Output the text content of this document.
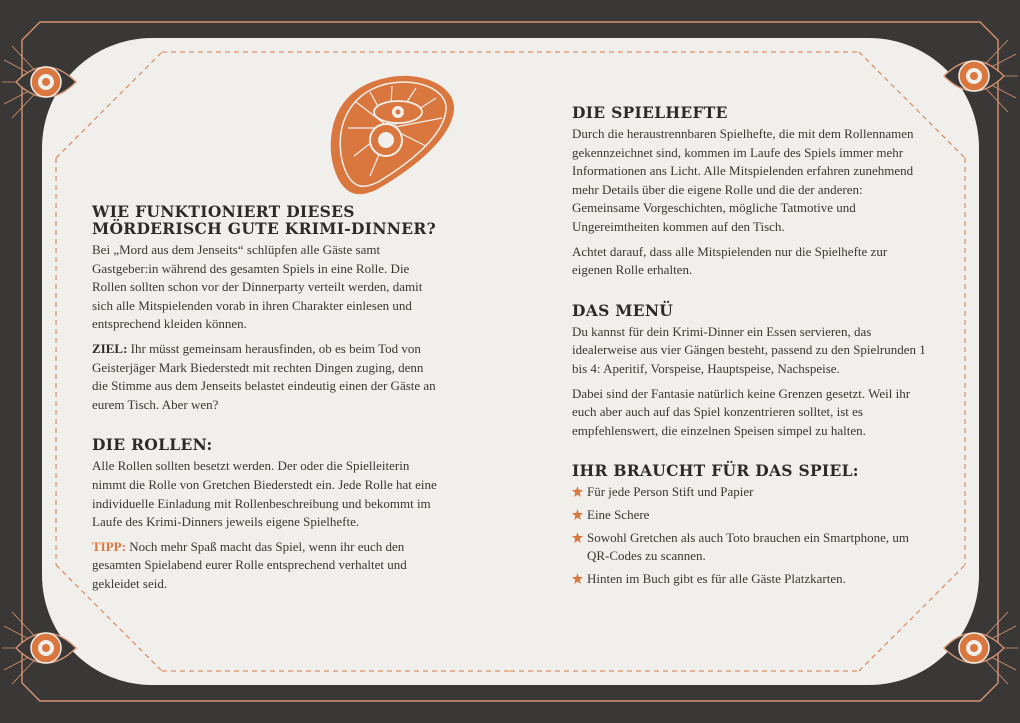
WIE FUNKTIONIERT DIESES
MÖRDERISCH GUTE KRIMI-DINNER?

Bei „Mord aus dem Jenseits“ schlüpfen alle Gäste samt Gastgeber:in während des gesamten Spiels in eine Rolle. Die Rollen sollten schon vor der Dinnerparty verteilt werden, damit sich alle Mitspielenden vorab in ihren Charakter einlesen und entsprechend kleiden können.

ZIEL: Ihr müsst gemeinsam herausfinden, ob es beim Tod von Geisterjäger Mark Biederstedt mit rechten Dingen zuging, denn die Stimme aus dem Jenseits belastet eindeutig einen der Gäste an eurem Tisch. Aber wen?

DIE ROLLEN:

Alle Rollen sollten besetzt werden. Der oder die Spielleiterin nimmt die Rolle von Gretchen Biederstedt ein. Jede Rolle hat eine individuelle Einladung mit Rollenbeschreibung und bekommt im Laufe des Krimi-Dinners jeweils eigene Spielhefte.

TIPP: Noch mehr Spaß macht das Spiel, wenn ihr euch den gesamten Spielabend eurer Rolle entsprechend verhaltet und gekleidet seid.

DIE SPIELHEFTE

Durch die heraustrennbaren Spielhefte, die mit dem Rollennamen gekennzeichnet sind, kommen im Laufe des Spiels immer mehr Informationen ans Licht. Alle Mitspielenden erfahren zunehmend mehr Details über die eigene Rolle und die der anderen: Gemeinsame Vorgeschichten, mögliche Tatmotive und Ungereimtheiten kommen auf den Tisch.

Achtet darauf, dass alle Mitspielenden nur die Spielhefte zur eigenen Rolle erhalten.

DAS MENÜ

Du kannst für dein Krimi-Dinner ein Essen servieren, das idealerweise aus vier Gängen besteht, passend zu den Spielrunden 1 bis 4: Aperitif, Vorspeise, Hauptspeise, Nachspeise.

Dabei sind der Fantasie natürlich keine Grenzen gesetzt. Weil ihr euch aber auch auf das Spiel konzentrieren solltet, ist es empfehlenswert, die einzelnen Speisen simpel zu halten.

IHR BRAUCHT FÜR DAS SPIEL:
Für jede Person Stift und Papier
Eine Schere
Sowohl Gretchen als auch Toto brauchen ein Smartphone, um QR-Codes zu scannen.
Hinten im Buch gibt es für alle Gäste Platzkarten.
